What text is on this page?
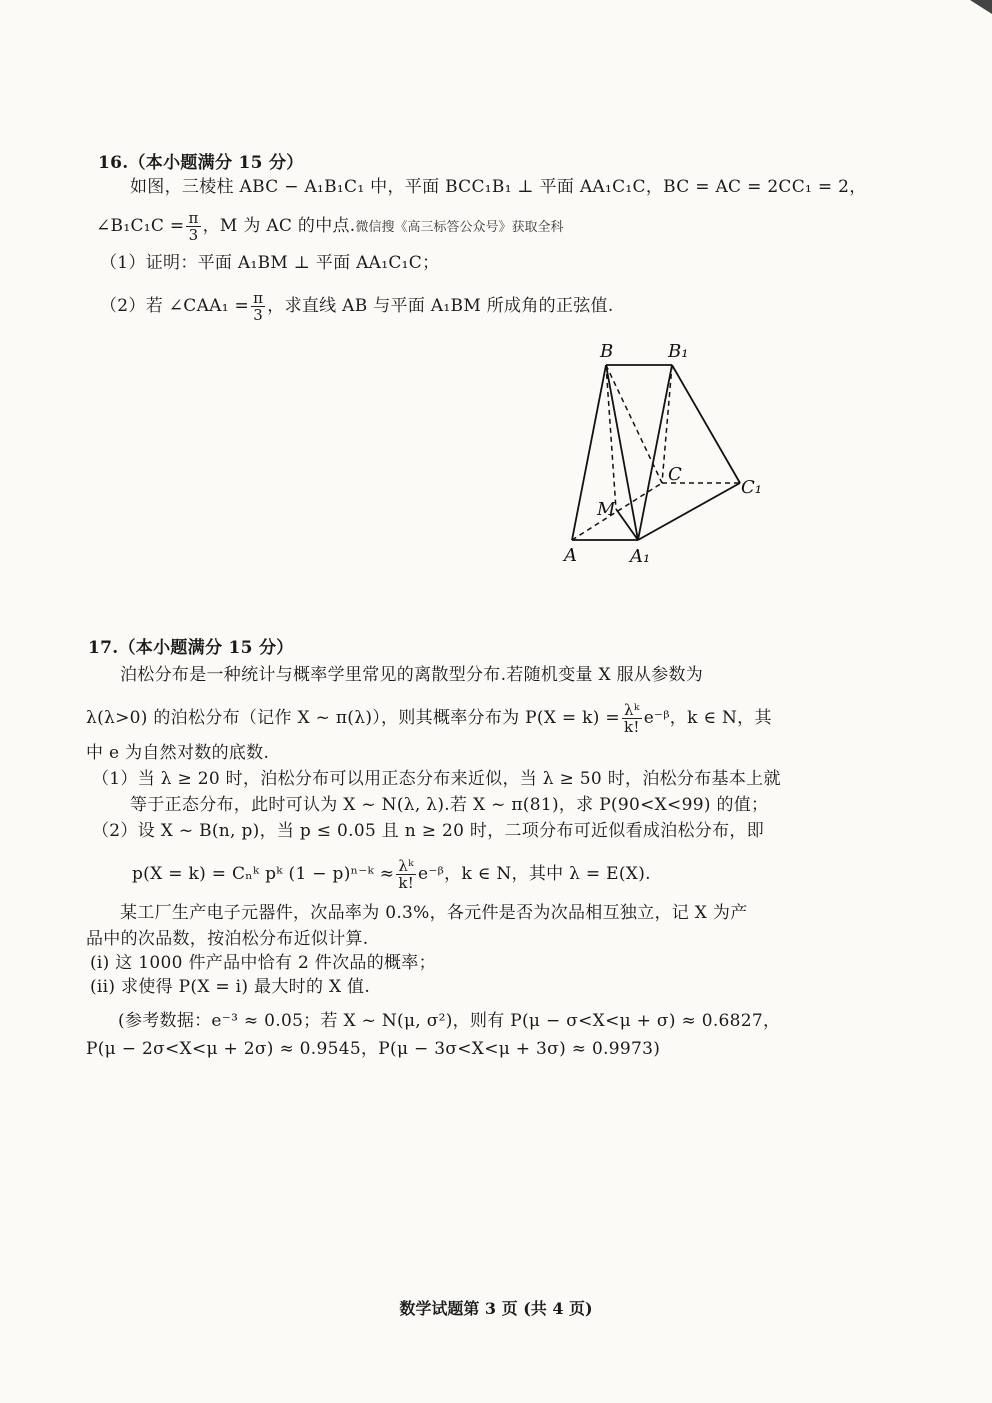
16.（本小题满分 15 分）
如图，三棱柱 ABC − A₁B₁C₁ 中，平面 BCC₁B₁ ⊥ 平面 AA₁C₁C，BC = AC = 2CC₁ = 2，
∠B₁C₁C = $\frac{\pi}{3}$ ，M 为 AC 的中点.微信搜《高三标答公众号》获取全科
（1）证明：平面 A₁BM ⊥ 平面 AA₁C₁C；
（2）若 ∠CAA₁ = $\frac{\pi}{3}$ ，求直线 AB 与平面 A₁BM 所成角的正弦值.
B	B₁
C
C₁
M
A	A₁
17.（本小题满分 15 分）
泊松分布是一种统计与概率学里常见的离散型分布.若随机变量 X 服从参数为
λ(λ>0) 的泊松分布（记作 X ~ π(λ)），则其概率分布为 $P(X = k) = \frac{\text{λᵏ}}{k!}$ e⁻ᵝ，k ∈ N，其
中 e 为自然对数的底数.
（1）当 λ ≥ 20 时，泊松分布可以用正态分布来近似，当 λ ≥ 50 时，泊松分布基本上就
等于正态分布，此时可认为 X ~ N(λ, λ).若 X ~ π(81)，求 P(90<X<99) 的值；
（2）设 X ~ B(n, p)，当 p ≤ 0.05 且 n ≥ 20 时，二项分布可近似看成泊松分布，即
p(X = k) = Cₙᵏ pᵏ (1 − p)ⁿ⁻ᵏ ≈ $\frac{\text{λᵏ}}{k!}$ e⁻ᵝ，k ∈ N，其中 λ = E(X).
某工厂生产电子元器件，次品率为 0.3%，各元件是否为次品相互独立，记 X 为产
品中的次品数，按泊松分布近似计算.
(i) 这 1000 件产品中恰有 2 件次品的概率；
(ii) 求使得 P(X = i) 最大时的 X 值.
(参考数据：e⁻³ ≈ 0.05；若 X ~ N(μ, σ²)，则有 P(μ − σ<X<μ + σ) ≈ 0.6827，
P(μ − 2σ<X<μ + 2σ) ≈ 0.9545，P(μ − 3σ<X<μ + 3σ) ≈ 0.9973)
数学试题第 3 页 (共 4 页)
